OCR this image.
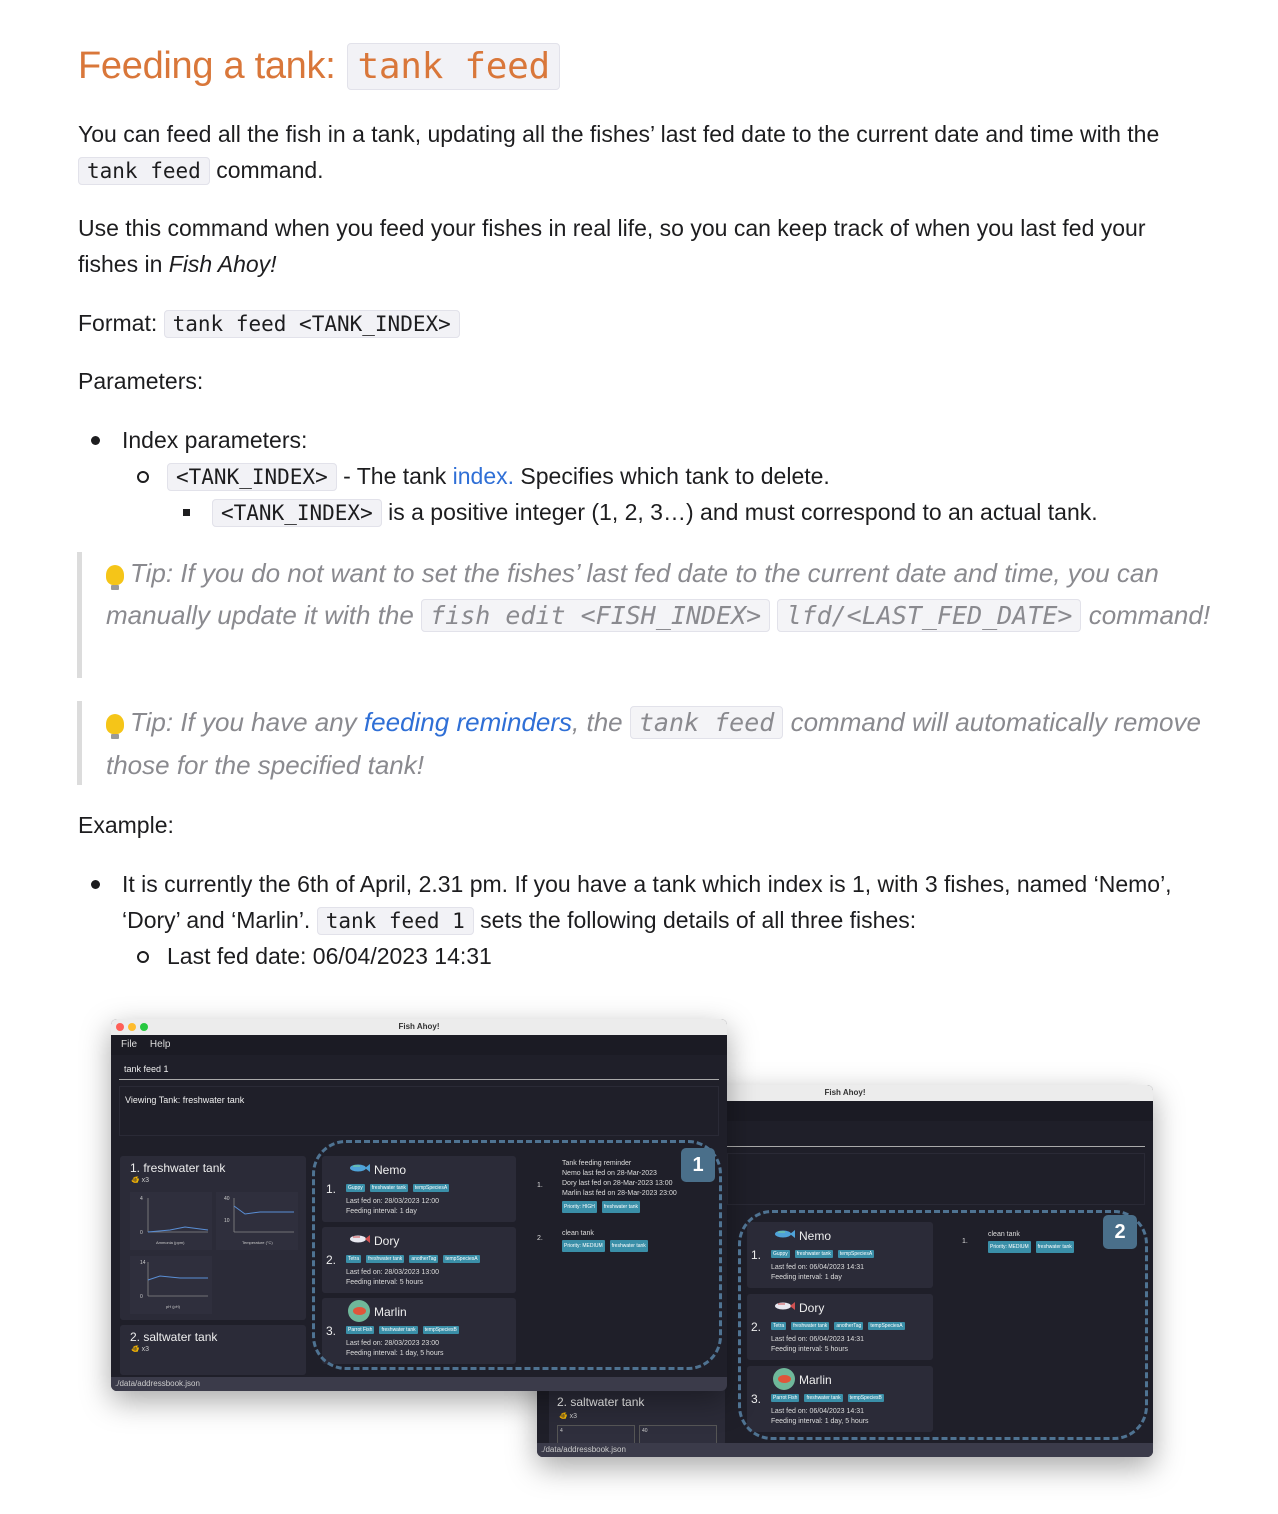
Feeding a tank: tank feed
You can feed all the fish in a tank, updating all the fishes’ last fed date to the current date and time with the tank feed command.
Use this command when you feed your fishes in real life, so you can keep track of when you last fed your fishes in Fish Ahoy!
Format: tank feed <TANK_INDEX>
Parameters:
Index parameters:
<TANK_INDEX> - The tank index. Specifies which tank to delete.
<TANK_INDEX> is a positive integer (1, 2, 3…) and must correspond to an actual tank.
Tip: If you do not want to set the fishes’ last fed date to the current date and time, you can manually update it with the fish edit <FISH_INDEX> lfd/<LAST_FED_DATE> command!
Tip: If you have any feeding reminders, the tank feed command will automatically remove those for the specified tank!
Example:
It is currently the 6th of April, 2.31 pm. If you have a tank which index is 1, with 3 fishes, named ‘Nemo’, ‘Dory’ and ‘Marlin’. tank feed 1 sets the following details of all three fishes:
Last fed date: 06/04/2023 14:31
Fish Ahoy!
2. saltwater tank
🐠 x3
4	40
Nemo
1.	Guppy freshwater tank tempSpeciesA
Last fed on: 06/04/2023 14:31
Feeding interval: 1 day
Dory
2.	Tetra freshwater tank anotherTag tempSpeciesA
Last fed on: 06/04/2023 14:31
Feeding interval: 5 hours
Marlin
3.	Parrot Fish freshwater tank tempSpeciesB
Last fed on: 06/04/2023 14:31
Feeding interval: 1 day, 5 hours
1.
clean tank
Priority: MEDIUM freshwater tank
./data/addressbook.json
Fish Ahoy!
File Help
tank feed 1
Viewing Tank: freshwater tank
1. freshwater tank
🐠 x3
4
0
40
10
14
0
Ammonia (ppm)	Temperature (°C)
pH (pH)
2. saltwater tank
🐠 x3
Nemo
1.	Guppy freshwater tank tempSpeciesA
Last fed on: 28/03/2023 12:00
Feeding interval: 1 day
Dory
2.	Tetra freshwater tank anotherTag tempSpeciesA
Last fed on: 28/03/2023 13:00
Feeding interval: 5 hours
Marlin
3.	Parrot Fish freshwater tank tempSpeciesB
Last fed on: 28/03/2023 23:00
Feeding interval: 1 day, 5 hours
1.
Tank feeding reminder
Nemo last fed on 28-Mar-2023
Dory last fed on 28-Mar-2023 13:00
Marlin last fed on 28-Mar-2023 23:00
Priority: HIGH freshwater tank
2.
clean tank
Priority: MEDIUM freshwater tank
./data/addressbook.json
1
2
